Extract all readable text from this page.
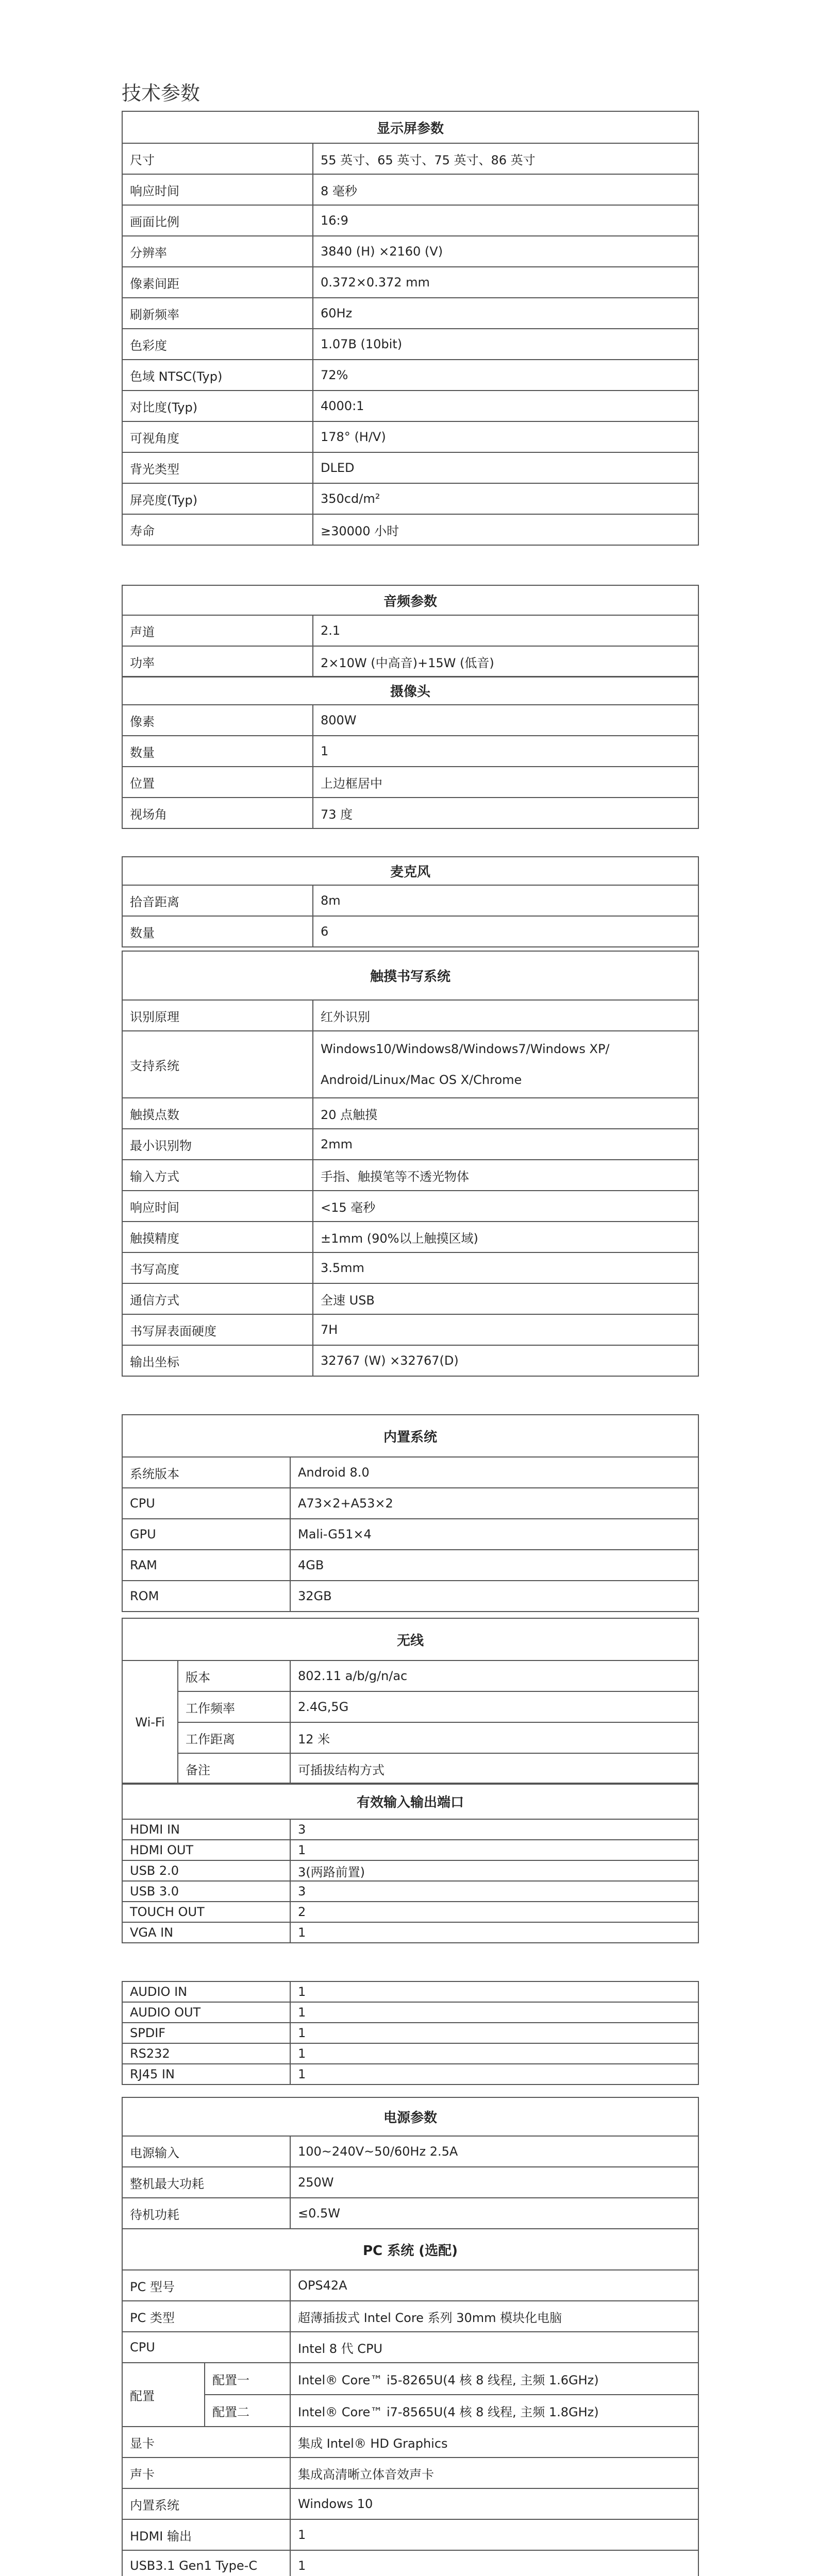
技术参数
显示屏参数	
尺寸	55 英寸、65 英寸、75 英寸、86 英寸
响应时间	8 毫秒
画面比例	16:9
分辨率	3840 (H) ×2160 (V)
像素间距	0.372×0.372 mm
刷新频率	60Hz
色彩度	1.07B (10bit)
色域 NTSC(Typ)	72%
对比度(Typ)	4000:1
可视角度	178° (H/V)
背光类型	DLED
屏亮度(Typ)	350cd/m²
寿命	≥30000 小时
音频参数	
声道	2.1
功率	2×10W (中高音)+15W (低音)
摄像头	
像素	800W
数量	1
位置	上边框居中
视场角	73 度
麦克风	
拾音距离	8m
数量	6
触摸书写系统	
识别原理	红外识别
支持系统	Windows10/Windows8/Windows7/Windows XP/
Android/Linux/Mac OS X/Chrome
触摸点数	20 点触摸
最小识别物	2mm
输入方式	手指、触摸笔等不透光物体
响应时间	<15 毫秒
触摸精度	±1mm (90%以上触摸区域)
书写高度	3.5mm
通信方式	全速 USB
书写屏表面硬度	7H
输出坐标	32767 (W) ×32767(D)
内置系统	
系统版本	Android 8.0
CPU	A73×2+A53×2
GPU	Mali-G51×4
RAM	4GB
ROM	32GB
无线		
Wi-Fi	版本	802.11 a/b/g/n/ac
	工作频率	2.4G,5G
	工作距离	12 米
	备注	可插拔结构方式
有效输入输出端口	
HDMI IN	3
HDMI OUT	1
USB 2.0	3(两路前置)
USB 3.0	3
TOUCH OUT	2
VGA IN	1
AUDIO IN	1
AUDIO OUT	1
SPDIF	1
RS232	1
RJ45 IN	1
电源参数	
电源输入	100~240V~50/60Hz 2.5A
整机最大功耗	250W
待机功耗	≤0.5W
PC 系统 (选配)		
PC 型号		OPS42A
PC 类型		超薄插拔式 Intel Core 系列 30mm 模块化电脑
CPU		Intel 8 代 CPU
配置	配置一	Intel® Core™ i5-8265U(4 核 8 线程, 主频 1.6GHz)
	配置二	Intel® Core™ i7-8565U(4 核 8 线程, 主频 1.8GHz)
显卡		集成 Intel® HD Graphics
声卡		集成高清晰立体音效声卡
内置系统		Windows 10
HDMI 输出		1
USB3.1 Gen1 Type-C		1
